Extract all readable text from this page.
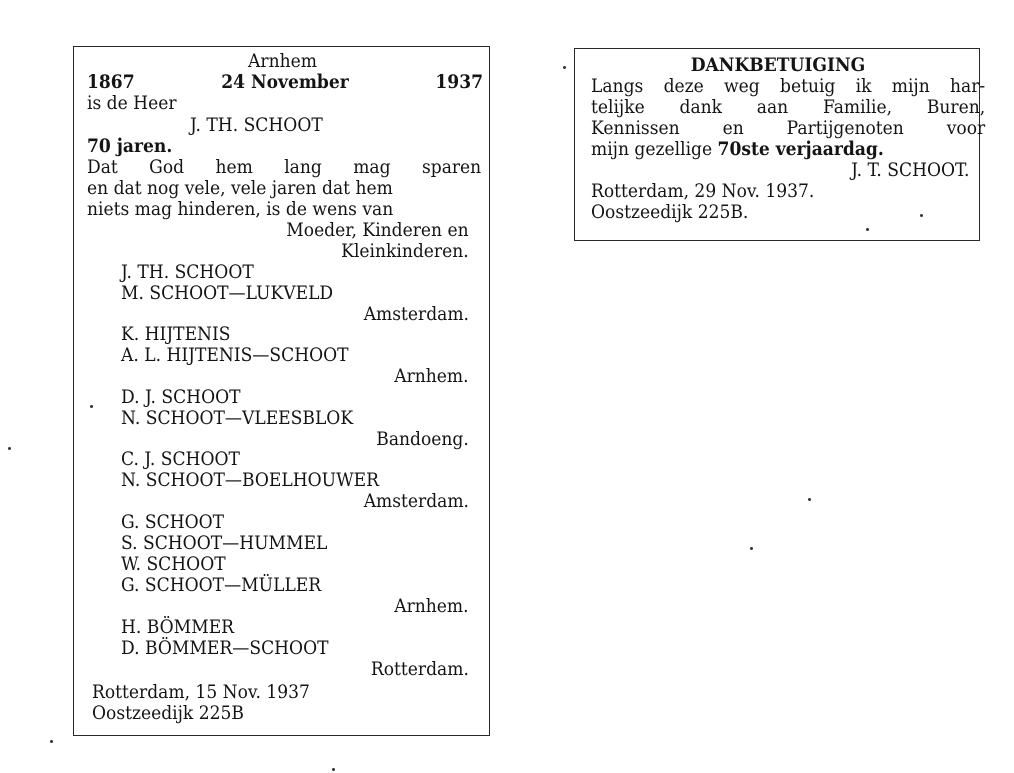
Arnhem
1867	24 November	1937
is de Heer
J. TH. SCHOOT
70 jaren.
Dat God hem lang mag sparen
en dat nog vele, vele jaren dat hem
niets mag hinderen, is de wens van
Moeder, Kinderen en
Kleinkinderen.
J. TH. SCHOOT
M. SCHOOT—LUKVELD
Amsterdam.
K. HIJTENIS
A. L. HIJTENIS—SCHOOT
Arnhem.
D. J. SCHOOT
N. SCHOOT—VLEESBLOK
Bandoeng.
C. J. SCHOOT
N. SCHOOT—BOELHOUWER
Amsterdam.
G. SCHOOT
S. SCHOOT—HUMMEL
W. SCHOOT
G. SCHOOT—MÜLLER
Arnhem.
H. BÖMMER
D. BÖMMER—SCHOOT
Rotterdam.
Rotterdam, 15 Nov. 1937
Oostzeedijk 225B
DANKBETUIGING
Langs deze weg betuig ik mijn har-
telijke dank aan Familie, Buren,
Kennissen en Partijgenoten voor
mijn gezellige 70ste verjaardag.
J. T. SCHOOT.
Rotterdam, 29 Nov. 1937.
Oostzeedijk 225B.
